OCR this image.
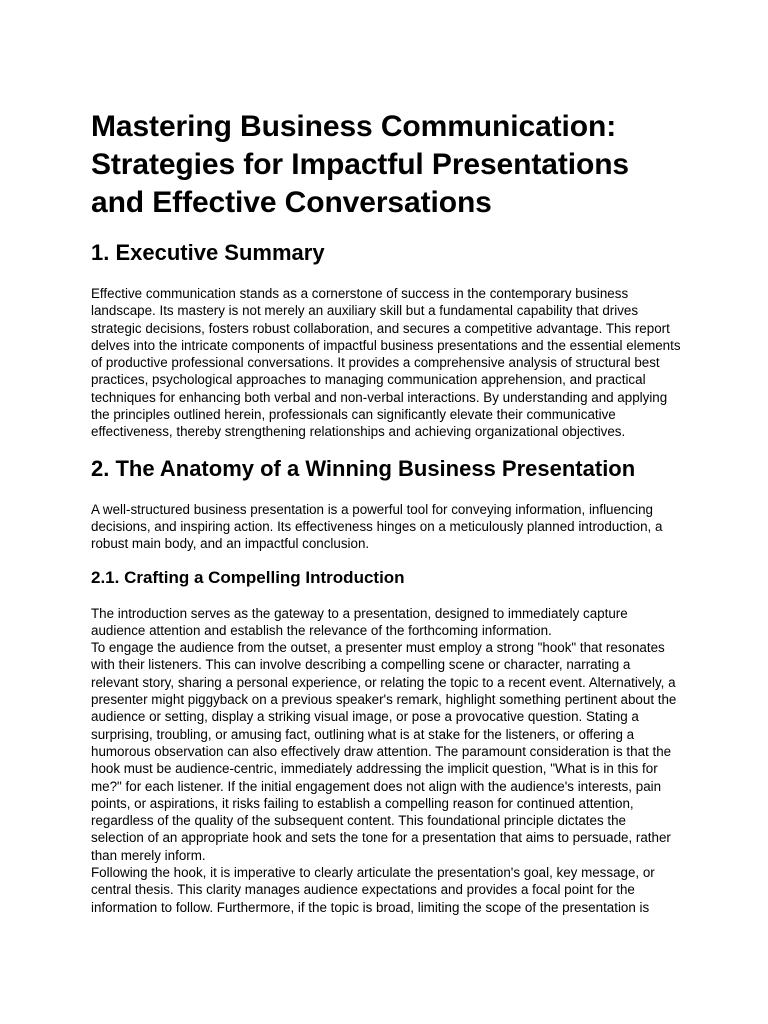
Mastering Business Communication: Strategies for Impactful Presentations and Effective Conversations
1. Executive Summary

Effective communication stands as a cornerstone of success in the contemporary business landscape. Its mastery is not merely an auxiliary skill but a fundamental capability that drives strategic decisions, fosters robust collaboration, and secures a competitive advantage. This report delves into the intricate components of impactful business presentations and the essential elements of productive professional conversations. It provides a comprehensive analysis of structural best practices, psychological approaches to managing communication apprehension, and practical techniques for enhancing both verbal and non-verbal interactions. By understanding and applying the principles outlined herein, professionals can significantly elevate their communicative effectiveness, thereby strengthening relationships and achieving organizational objectives.

2. The Anatomy of a Winning Business Presentation

A well-structured business presentation is a powerful tool for conveying information, influencing decisions, and inspiring action. Its effectiveness hinges on a meticulously planned introduction, a robust main body, and an impactful conclusion.

2.1. Crafting a Compelling Introduction

The introduction serves as the gateway to a presentation, designed to immediately capture audience attention and establish the relevance of the forthcoming information.

To engage the audience from the outset, a presenter must employ a strong "hook" that resonates with their listeners. This can involve describing a compelling scene or character, narrating a relevant story, sharing a personal experience, or relating the topic to a recent event. Alternatively, a presenter might piggyback on a previous speaker's remark, highlight something pertinent about the audience or setting, display a striking visual image, or pose a provocative question. Stating a surprising, troubling, or amusing fact, outlining what is at stake for the listeners, or offering a humorous observation can also effectively draw attention. The paramount consideration is that the hook must be audience-centric, immediately addressing the implicit question, "What is in this for me?" for each listener. If the initial engagement does not align with the audience's interests, pain points, or aspirations, it risks failing to establish a compelling reason for continued attention, regardless of the quality of the subsequent content. This foundational principle dictates the selection of an appropriate hook and sets the tone for a presentation that aims to persuade, rather than merely inform.

Following the hook, it is imperative to clearly articulate the presentation's goal, key message, or central thesis. This clarity manages audience expectations and provides a focal point for the information to follow. Furthermore, if the topic is broad, limiting the scope of the presentation is
